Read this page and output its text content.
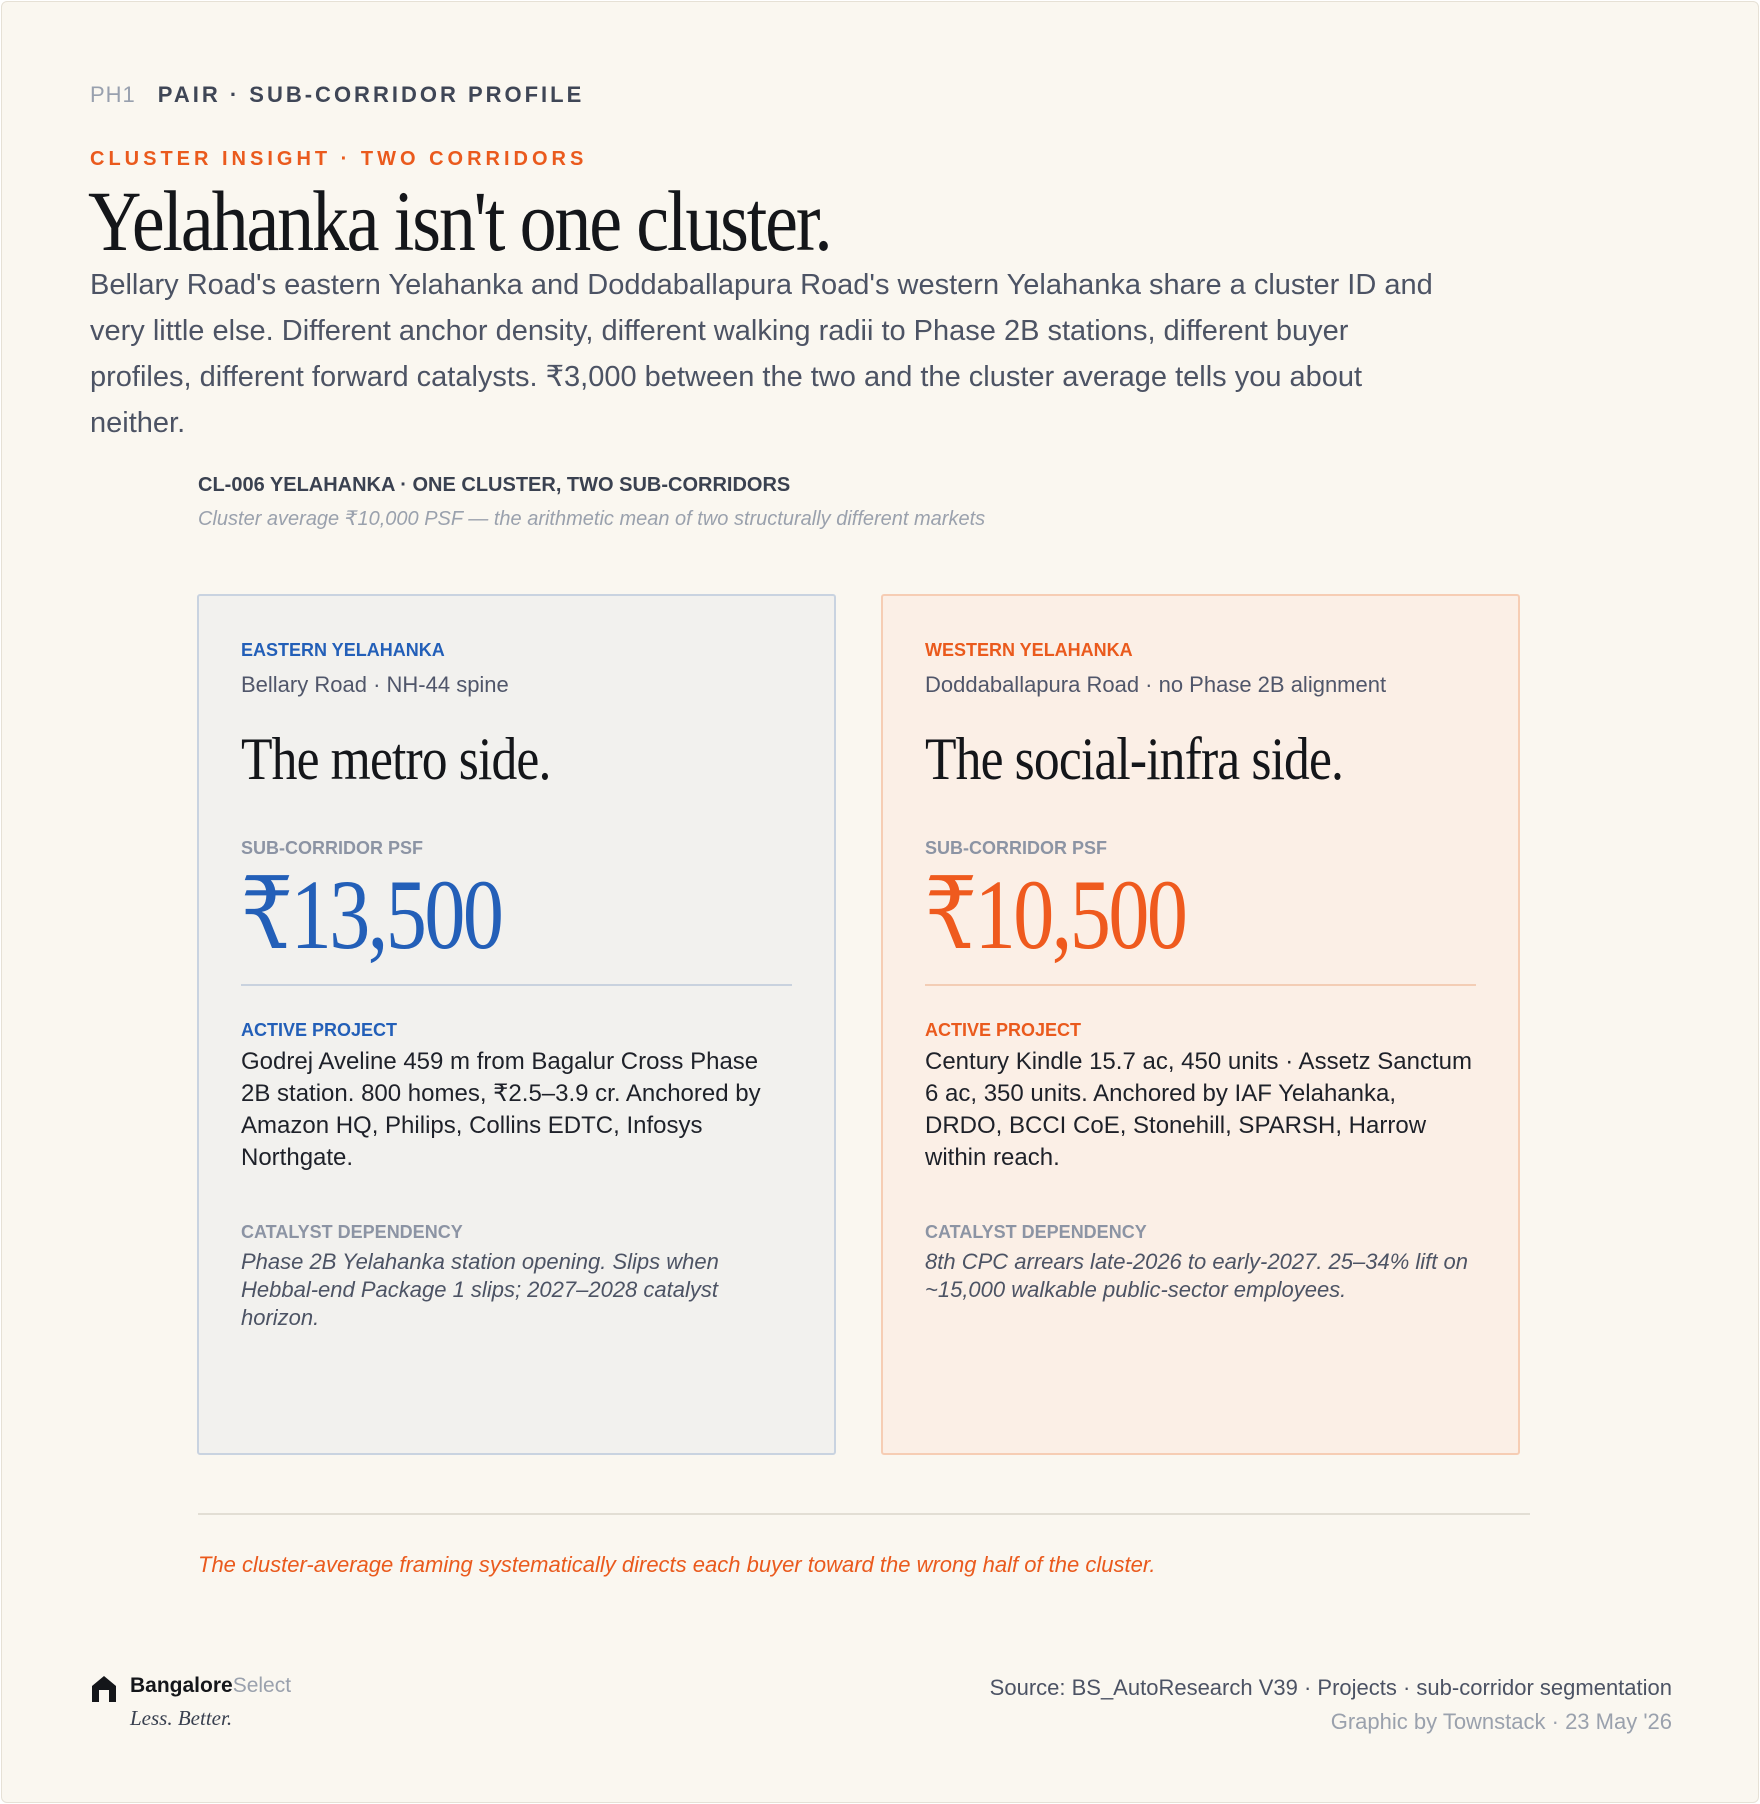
PH1 PAIR · SUB-CORRIDOR PROFILE
CLUSTER INSIGHT · TWO CORRIDORS
Yelahanka isn't one cluster.

Bellary Road's eastern Yelahanka and Doddaballapura Road's western Yelahanka share a cluster ID and very little else. Different anchor density, different walking radii to Phase 2B stations, different buyer profiles, different forward catalysts. ₹3,000 between the two and the cluster average tells you about neither.

CL-006 YELAHANKA · ONE CLUSTER, TWO SUB-CORRIDORS
Cluster average ₹10,000 PSF — the arithmetic mean of two structurally different markets
EASTERN YELAHANKA
Bellary Road · NH-44 spine
The metro side.
SUB-CORRIDOR PSF
₹13,500
ACTIVE PROJECT

Godrej Aveline 459 m from Bagalur Cross Phase 2B station. 800 homes, ₹2.5–3.9 cr. Anchored by Amazon HQ, Philips, Collins EDTC, Infosys Northgate.

CATALYST DEPENDENCY

Phase 2B Yelahanka station opening. Slips when Hebbal-end Package 1 slips; 2027–2028 catalyst horizon.

WESTERN YELAHANKA
Doddaballapura Road · no Phase 2B alignment
The social-infra side.
SUB-CORRIDOR PSF
₹10,500
ACTIVE PROJECT

Century Kindle 15.7 ac, 450 units · Assetz Sanctum 6 ac, 350 units. Anchored by IAF Yelahanka, DRDO, BCCI CoE, Stonehill, SPARSH, Harrow within reach.

CATALYST DEPENDENCY

8th CPC arrears late-2026 to early-2027. 25–34% lift on ~15,000 walkable public-sector employees.

The cluster-average framing systematically directs each buyer toward the wrong half of the cluster.
BangaloreSelect
Less. Better.
Source: BS_AutoResearch V39 · Projects · sub-corridor segmentation
Graphic by Townstack · 23 May '26
